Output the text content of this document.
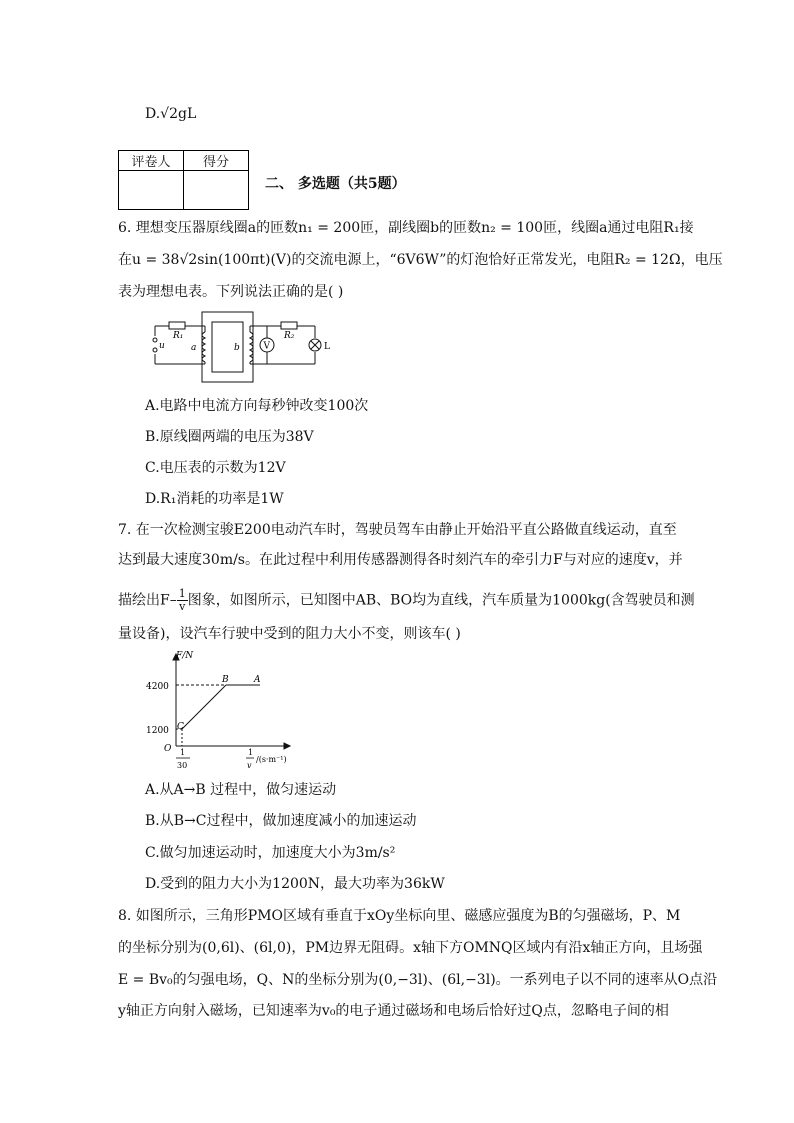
D.√2gL
评卷人	得分

二、 多选题（共5题）
6. 理想变压器原线圈a的匝数n₁ = 200匝，副线圈b的匝数n₂ = 100匝，线圈a通过电阻R₁接
在u = 38√2sin(100πt)(V)的交流电源上，“6V6W”的灯泡恰好正常发光，电阻R₂ = 12Ω，电压
表为理想电表。下列说法正确的是( )
R₁
u	a	b	V
R₂
L
A.电路中电流方向每秒钟改变100次
B.原线圈两端的电压为38V
C.电压表的示数为12V
D.R₁消耗的功率是1W
7. 在一次检测宝骏E200电动汽车时，驾驶员驾车由静止开始沿平直公路做直线运动，直至
达到最大速度30m/s。在此过程中利用传感器测得各时刻汽车的牵引力F与对应的速度v，并
描绘出$F- \frac{1}{v}$ 图象，如图所示，已知图中AB、BO均为直线，汽车质量为1000kg(含驾驶员和测
量设备)，设汽车行驶中受到的阻力大小不变，则该车( )
F/N
4200
1200
O
A
B
C
1
30
1
v
/(s·m⁻¹)
A.从A→B 过程中，做匀速运动
B.从B→C过程中，做加速度减小的加速运动
C.做匀加速运动时，加速度大小为3m/s²
D.受到的阻力大小为1200N，最大功率为36kW
8. 如图所示，三角形PMO区域有垂直于xOy坐标向里、磁感应强度为B的匀强磁场，P、M
的坐标分别为(0,6l)、(6l,0)，PM边界无阻碍。x轴下方OMNQ区域内有沿x轴正方向，且场强
E = Bv₀的匀强电场，Q、N的坐标分别为(0,−3l)、(6l,−3l)。一系列电子以不同的速率从O点沿
y轴正方向射入磁场，已知速率为v₀的电子通过磁场和电场后恰好过Q点，忽略电子间的相
